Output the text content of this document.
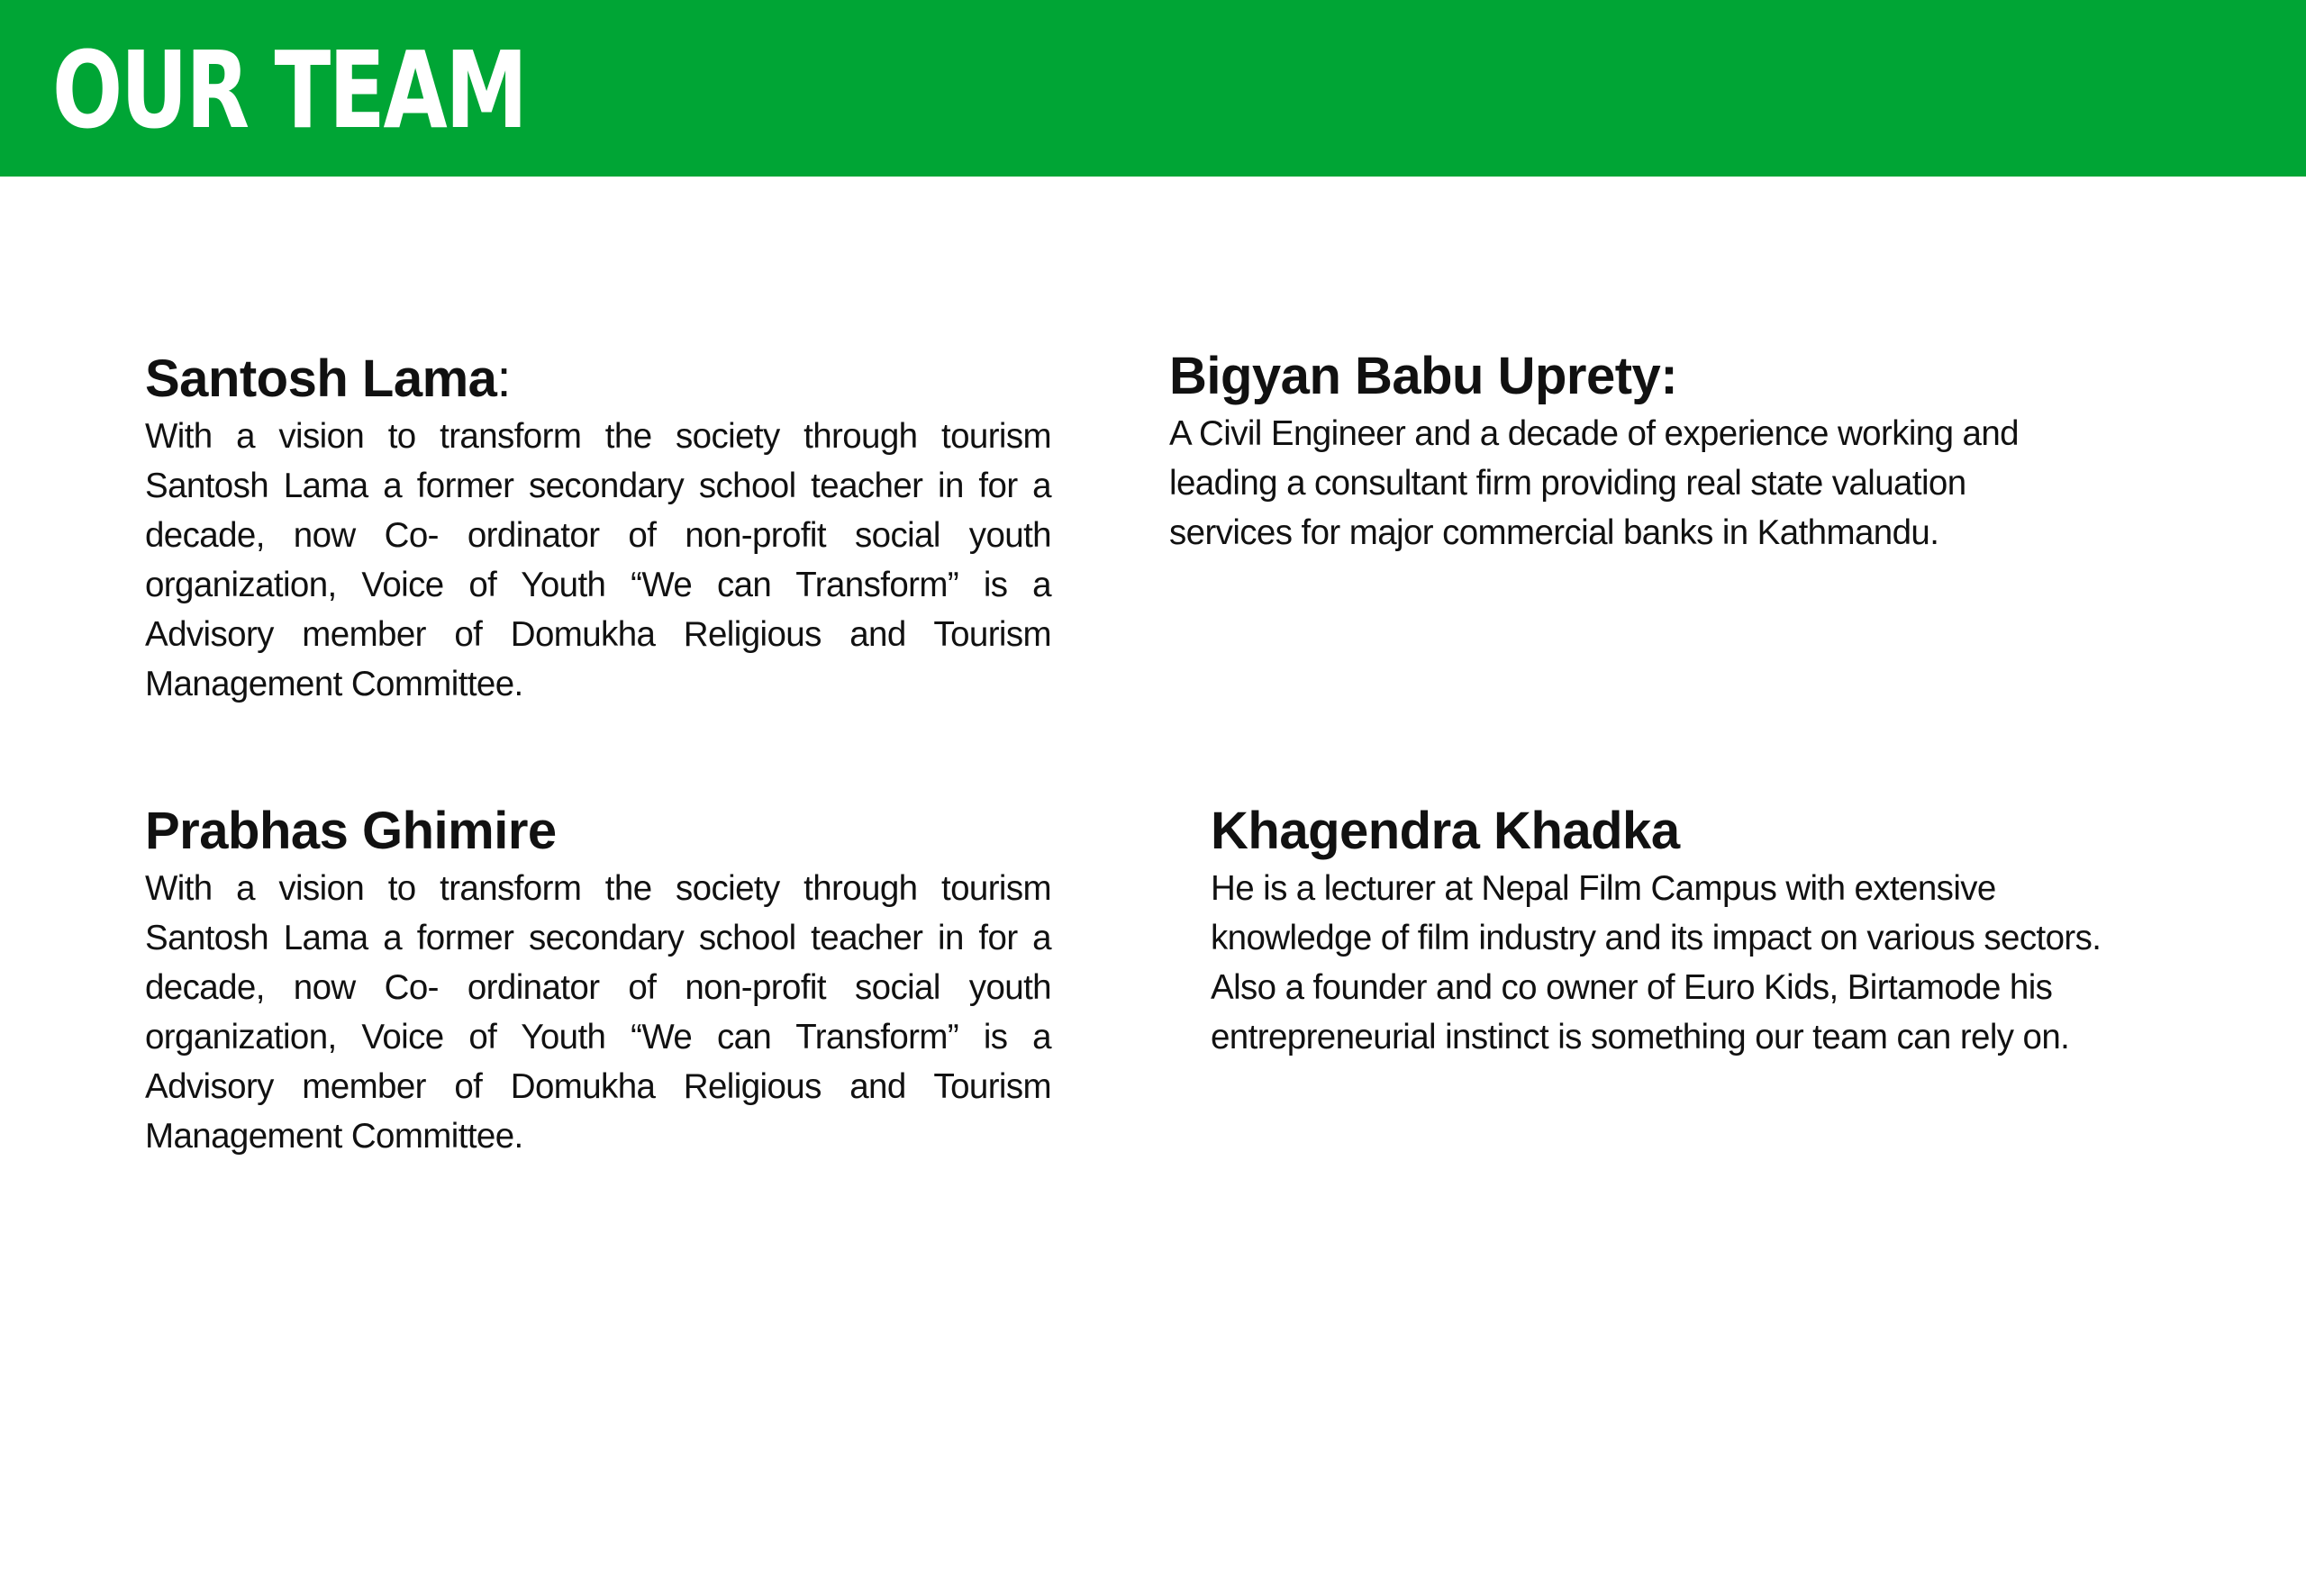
OUR TEAM
Santosh Lama:

With a vision to transform the society through tourism Santosh Lama a former secondary school teacher in for a decade, now Co- ordinator of non-profit social youth organization, Voice of Youth “We can Transform” is a Advisory member of Domukha Religious and Tourism Management Committee.

Bigyan Babu Uprety:

A Civil Engineer and a decade of experience working and leading a consultant firm providing real state valuation services for major commercial banks in Kathmandu.

Prabhas Ghimire

With a vision to transform the society through tourism Santosh Lama a former secondary school teacher in for a decade, now Co- ordinator of non-profit social youth organization, Voice of Youth “We can Transform” is a Advisory member of Domukha Religious and Tourism Management Committee.

Khagendra Khadka

He is a lecturer at Nepal Film Campus with extensive knowledge of film industry and its impact on various sectors. Also a founder and co owner of Euro Kids, Birtamode his entrepreneurial instinct is something our team can rely on.
